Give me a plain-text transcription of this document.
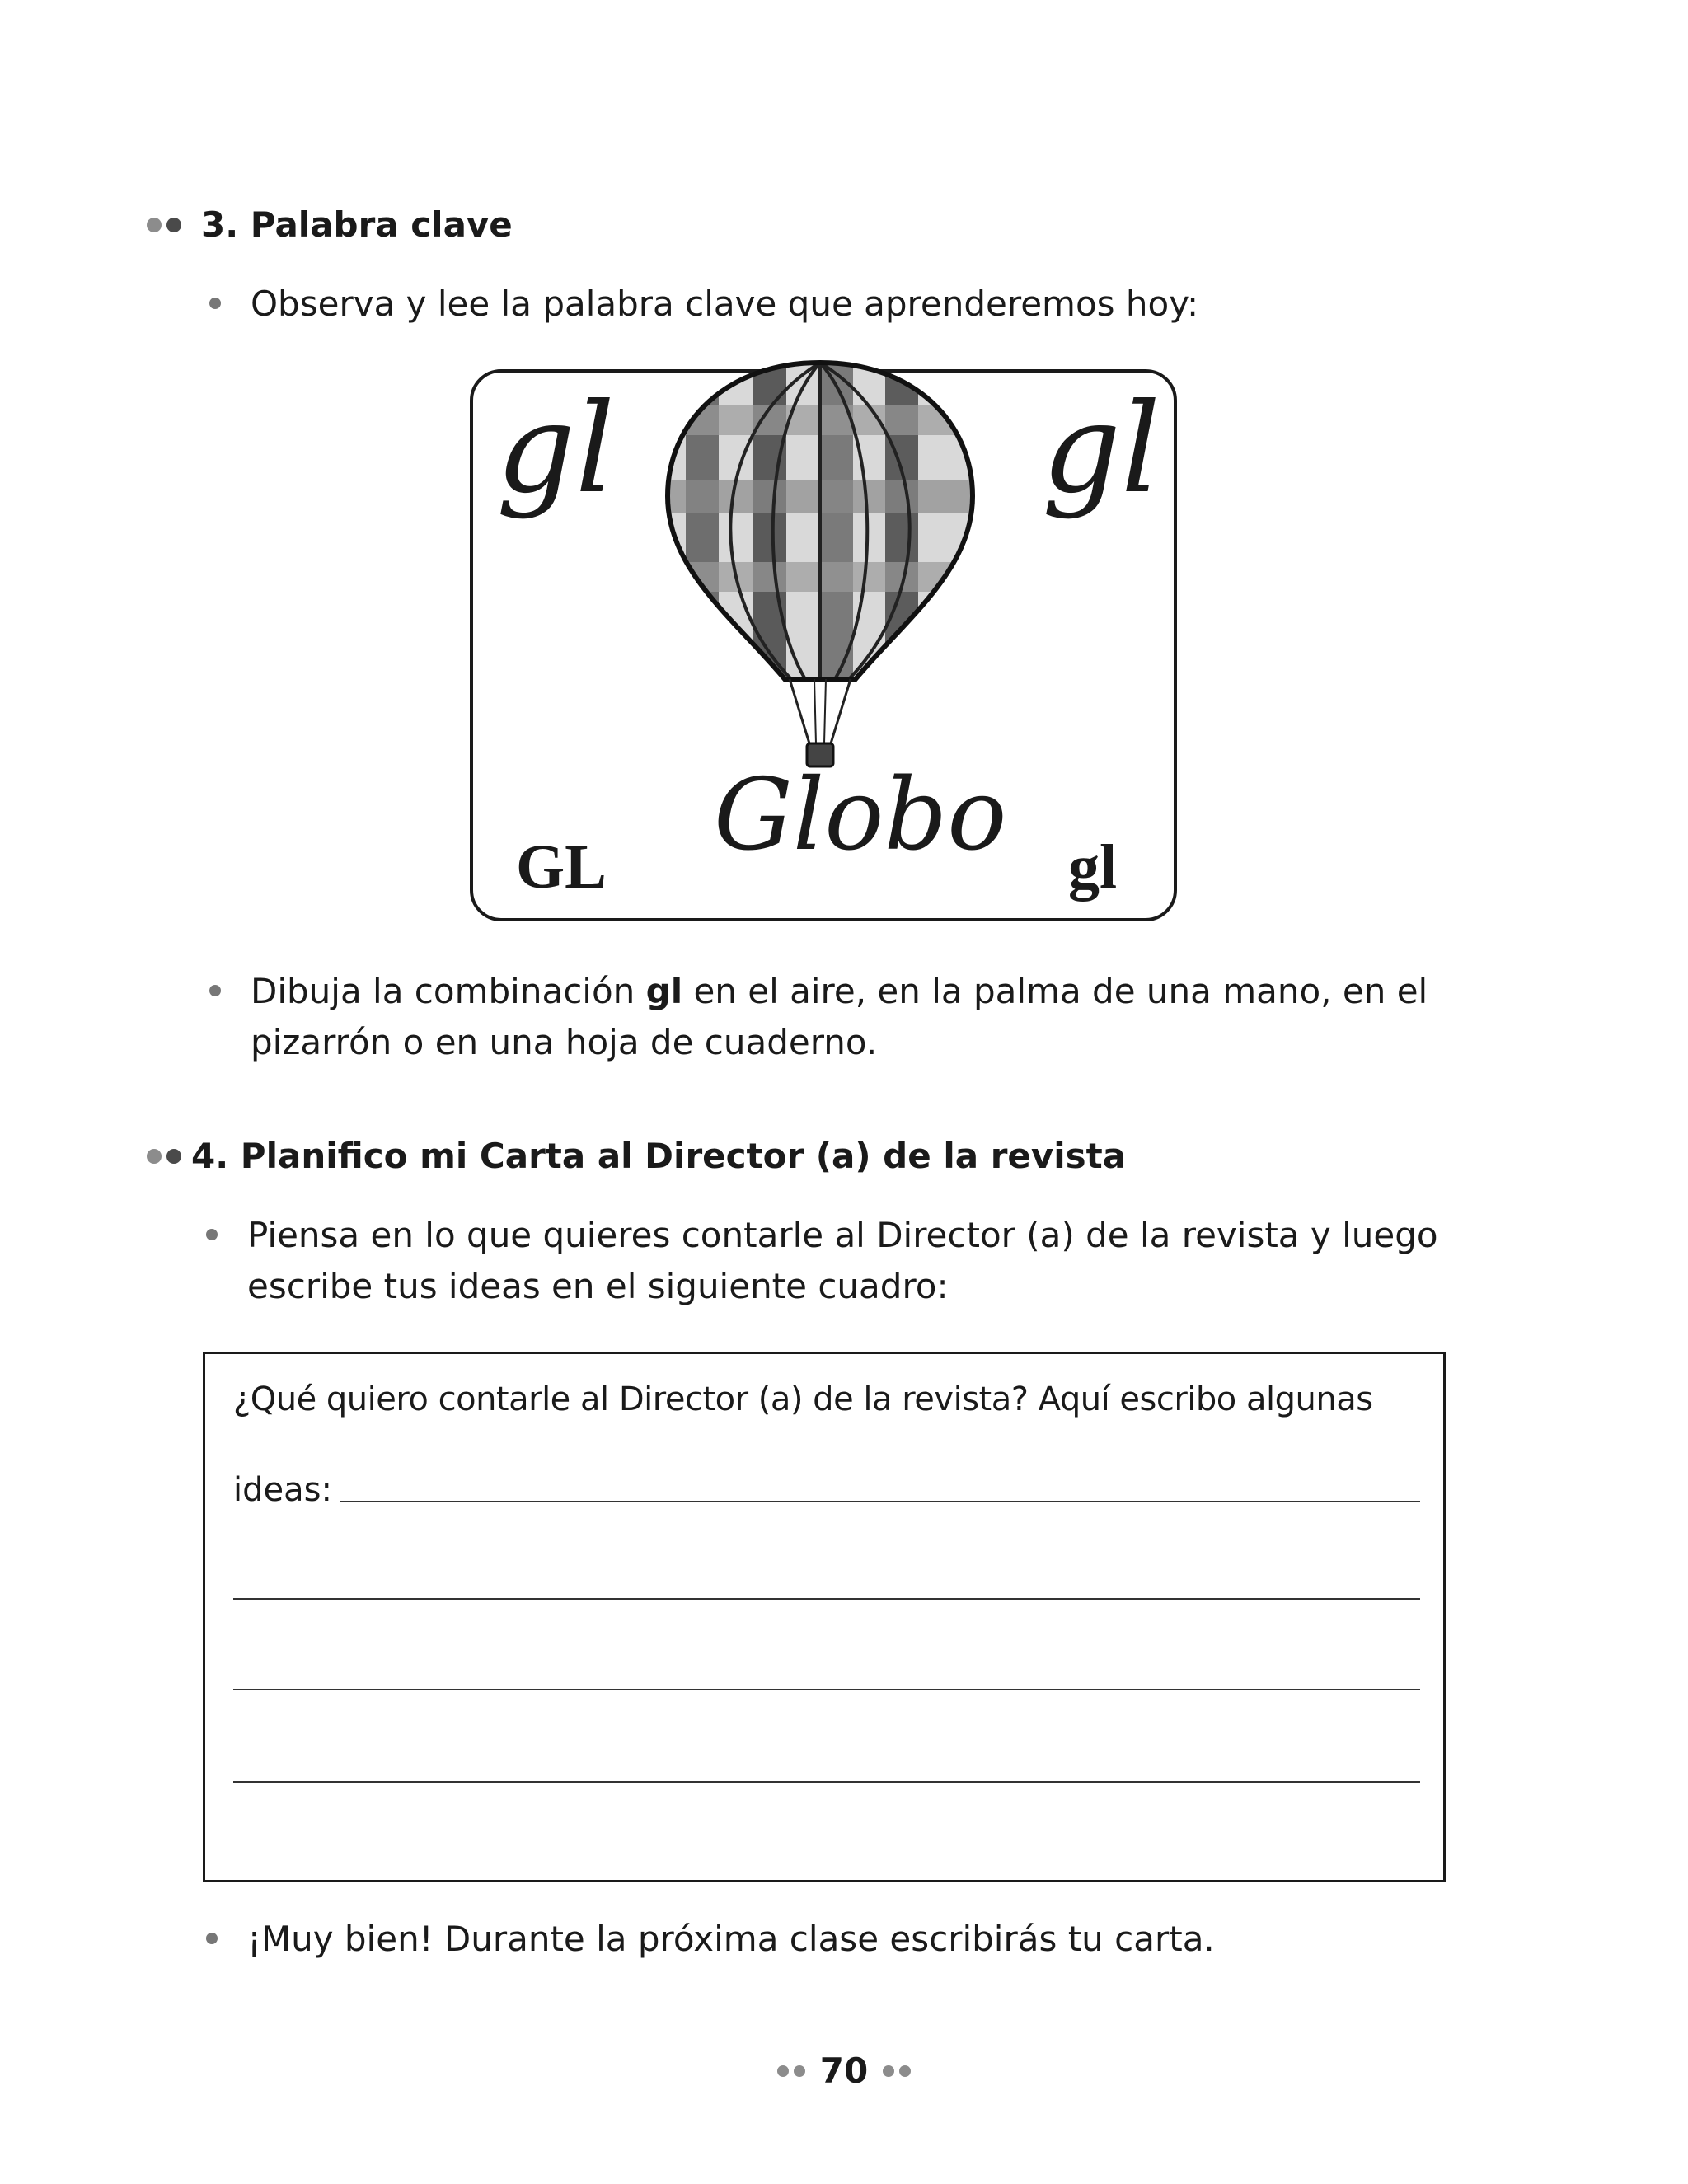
3. Palabra clave
Observa y lee la palabra clave que aprenderemos hoy:
gl	gl
GL Globo gl
Dibuja la combinación gl en el aire, en la palma de una mano, en el
pizarrón o en una hoja de cuaderno.
4. Planifico mi Carta al Director (a) de la revista
Piensa en lo que quieres contarle al Director (a) de la revista y luego
escribe tus ideas en el siguiente cuadro:
¿Qué quiero contarle al Director (a) de la revista? Aquí escribo algunas
ideas:
¡Muy bien! Durante la próxima clase escribirás tu carta.
70
